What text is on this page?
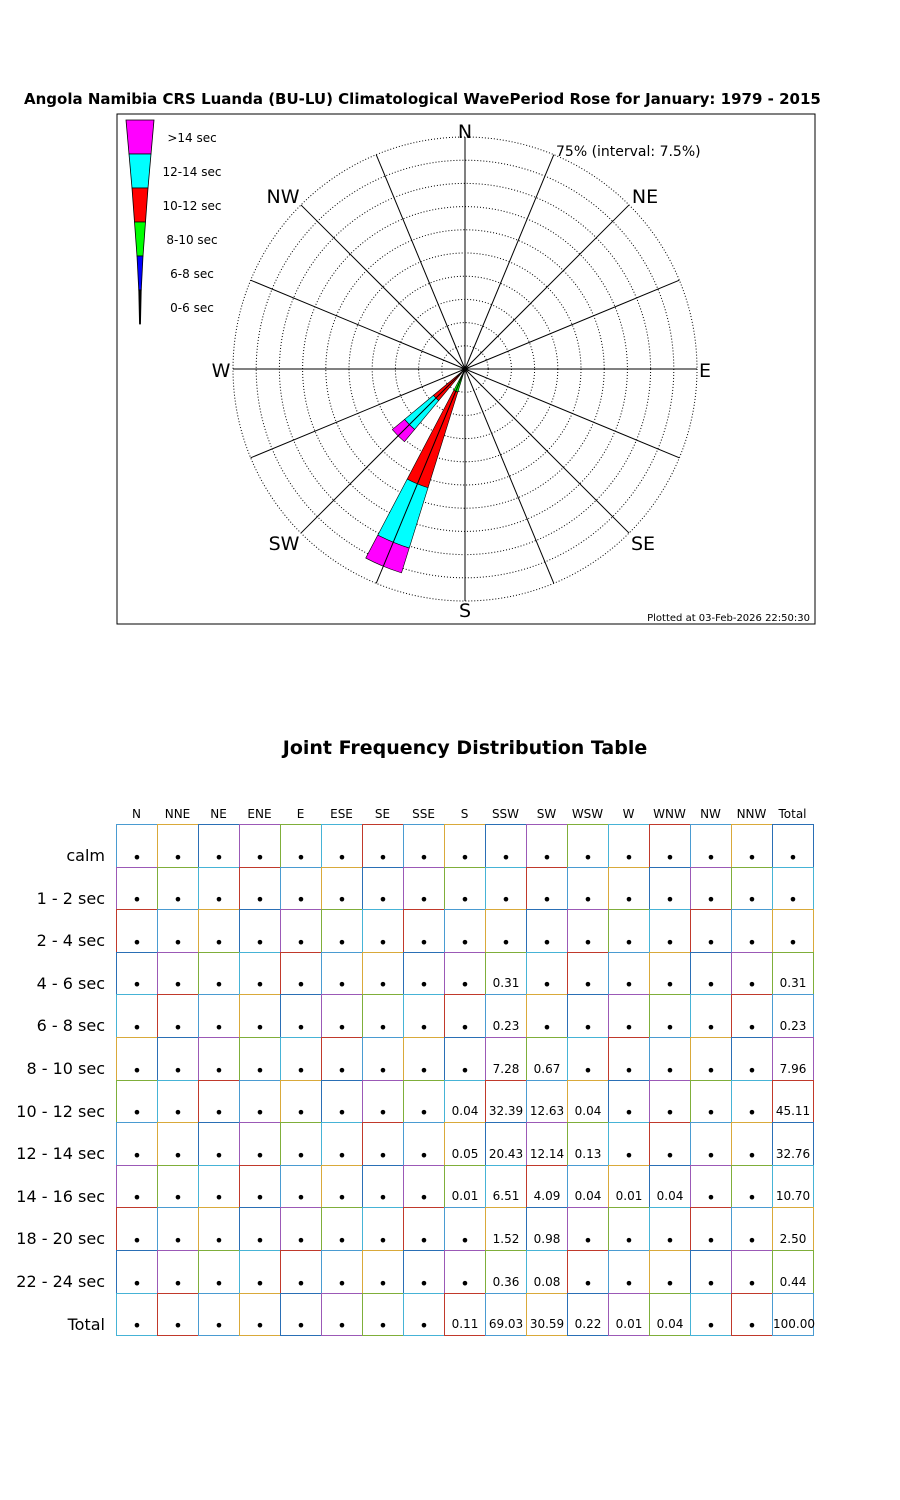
Angola Namibia CRS Luanda (BU-LU) Climatological WavePeriod Rose for January: 1979 - 2015
>14 sec
12-14 sec
10-12 sec
8-10 sec
6-8 sec
0-6 sec
N
NE
E
SE
S
SW
W
NW
75% (interval: 7.5%)
Plotted at 03-Feb-2026 22:50:30
Joint Frequency Distribution Table
N	NNE	NE	ENE	E	ESE	SE	SSE	S	SSW	SW	WSW	W	WNW	NW	NNW	Total
calm	•	•	•	•	•	•	•	•	•	•	•	•	•	•	•	•	•
1 - 2 sec	•	•	•	•	•	•	•	•	•	•	•	•	•	•	•	•	•
2 - 4 sec	•	•	•	•	•	•	•	•	•	•	•	•	•	•	•	•	•
4 - 6 sec	•	•	•	•	•	•	•	•	•	0.31	•	•	•	•	•	•	0.31
6 - 8 sec	•	•	•	•	•	•	•	•	•	0.23	•	•	•	•	•	•	0.23
8 - 10 sec	•	•	•	•	•	•	•	•	•	7.28	0.67	•	•	•	•	•	7.96
10 - 12 sec	•	•	•	•	•	•	•	•	0.04 32.39 12.63 0.04	•	•	•	•	45.11
12 - 14 sec	•	•	•	•	•	•	•	•	0.05 20.43 12.14 0.13	•	•	•	•	32.76
14 - 16 sec	•	•	•	•	•	•	•	•	0.01	6.51	4.09	0.04	0.01	0.04	•	•	10.70
18 - 20 sec	•	•	•	•	•	•	•	•	•	1.52	0.98	•	•	•	•	•	2.50
22 - 24 sec	•	•	•	•	•	•	•	•	•	0.36	0.08	•	•	•	•	•	0.44
Total	•	•	•	•	•	•	•	•	0.11 69.03 30.59 0.22	0.01	0.04	•	•	100.00
